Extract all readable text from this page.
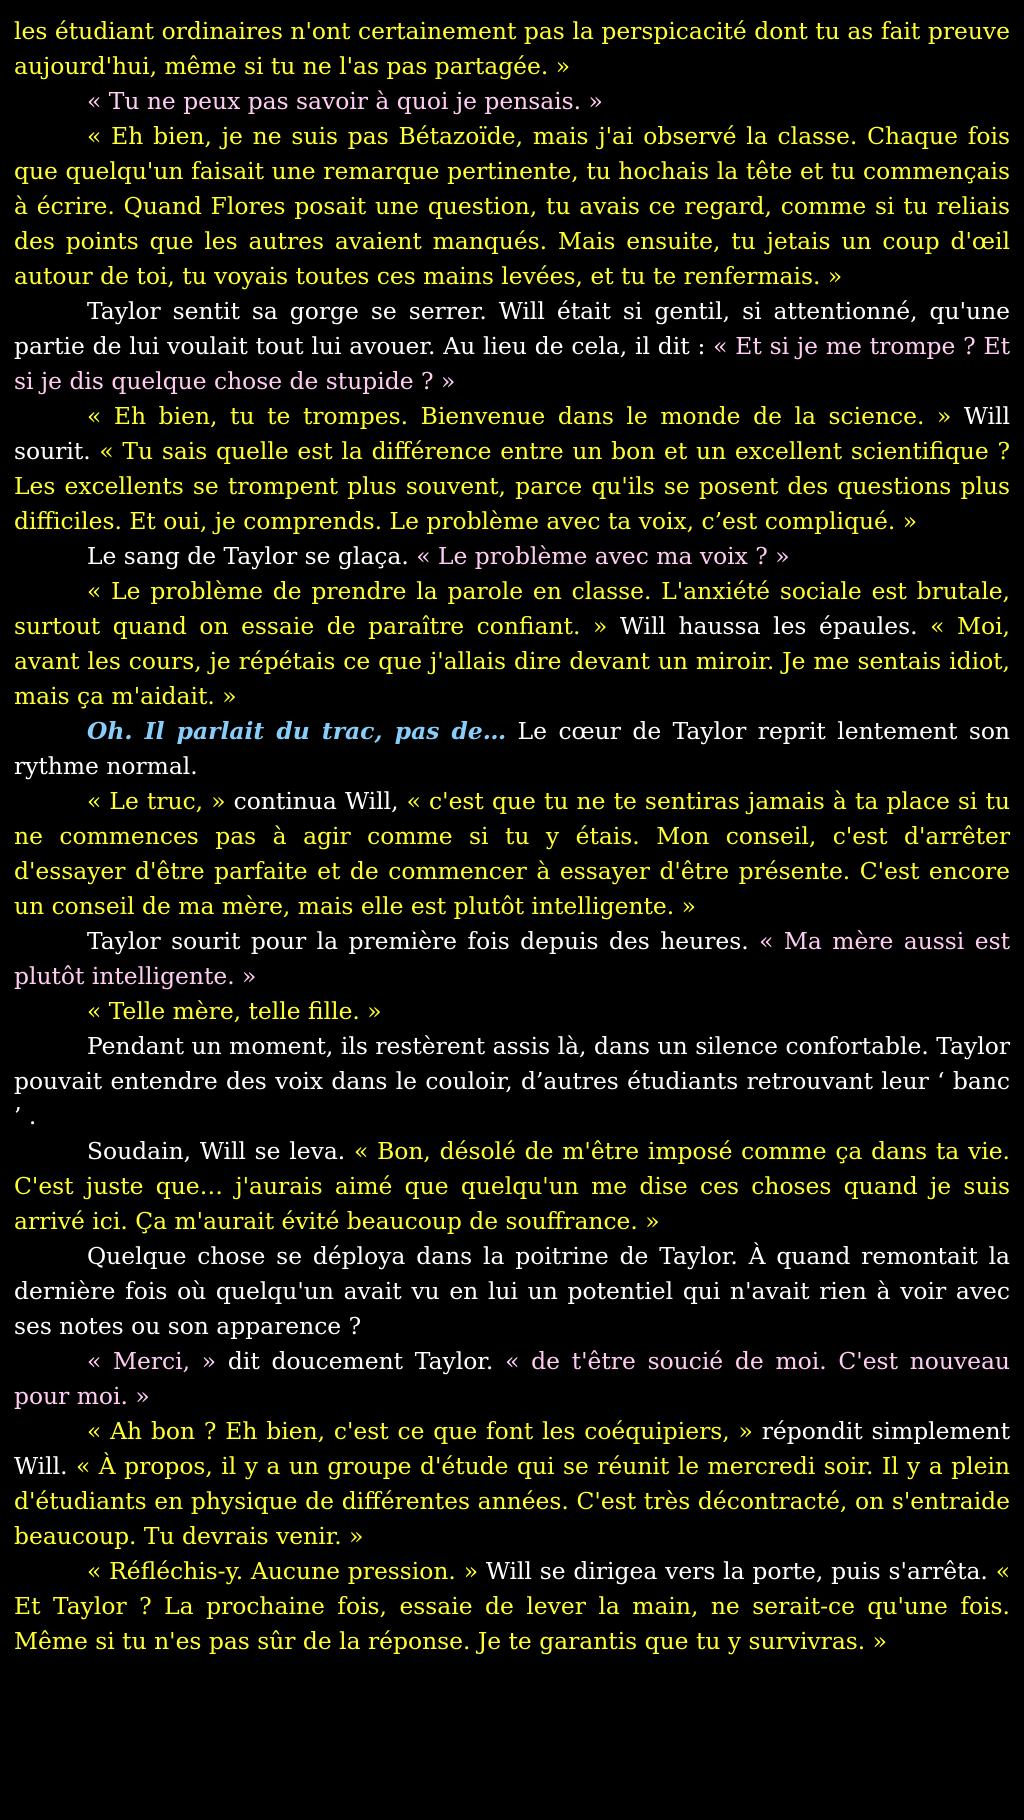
les étudiant ordinaires n'ont certainement pas la perspicacité dont tu as fait preuve aujourd'hui, même si tu ne l'as pas partagée. »

« Tu ne peux pas savoir à quoi je pensais. »

« Eh bien, je ne suis pas Bétazoïde, mais j'ai observé la classe. Chaque fois que quelqu'un faisait une remarque pertinente, tu hochais la tête et tu commençais à écrire. Quand Flores posait une question, tu avais ce regard, comme si tu reliais des points que les autres avaient manqués. Mais ensuite, tu jetais un coup d'œil autour de toi, tu voyais toutes ces mains levées, et tu te renfermais. »

Taylor sentit sa gorge se serrer. Will était si gentil, si attentionné, qu'une partie de lui voulait tout lui avouer. Au lieu de cela, il dit : « Et si je me trompe ? Et si je dis quelque chose de stupide ? »

« Eh bien, tu te trompes. Bienvenue dans le monde de la science. » Will sourit. « Tu sais quelle est la différence entre un bon et un excellent scientifique ? Les excellents se trompent plus souvent, parce qu'ils se posent des questions plus difficiles. Et oui, je comprends. Le problème avec ta voix, c’est compliqué. »

Le sang de Taylor se glaça. « Le problème avec ma voix ? »

« Le problème de prendre la parole en classe. L'anxiété sociale est brutale, surtout quand on essaie de paraître confiant. » Will haussa les épaules. « Moi, avant les cours, je répétais ce que j'allais dire devant un miroir. Je me sentais idiot, mais ça m'aidait. »

Oh. Il parlait du trac, pas de… Le cœur de Taylor reprit lentement son rythme normal.

« Le truc, » continua Will, « c'est que tu ne te sentiras jamais à ta place si tu ne commences pas à agir comme si tu y étais. Mon conseil, c'est d'arrêter d'essayer d'être parfaite et de commencer à essayer d'être présente. C'est encore un conseil de ma mère, mais elle est plutôt intelligente. »

Taylor sourit pour la première fois depuis des heures. « Ma mère aussi est plutôt intelligente. »

« Telle mère, telle fille. »

Pendant un moment, ils restèrent assis là, dans un silence confortable. Taylor pouvait entendre des voix dans le couloir, d’autres étudiants retrouvant leur ‘ banc ’ .

Soudain, Will se leva. « Bon, désolé de m'être imposé comme ça dans ta vie. C'est juste que… j'aurais aimé que quelqu'un me dise ces choses quand je suis arrivé ici. Ça m'aurait évité beaucoup de souffrance. »

Quelque chose se déploya dans la poitrine de Taylor. À quand remontait la dernière fois où quelqu'un avait vu en lui un potentiel qui n'avait rien à voir avec ses notes ou son apparence ?

« Merci, » dit doucement Taylor. « de t'être soucié de moi. C'est nouveau pour moi. »

« Ah bon ? Eh bien, c'est ce que font les coéquipiers, » répondit simplement Will. « À propos, il y a un groupe d'étude qui se réunit le mercredi soir. Il y a plein d'étudiants en physique de différentes années. C'est très décontracté, on s'entraide beaucoup. Tu devrais venir. »

« Réfléchis-y. Aucune pression. » Will se dirigea vers la porte, puis s'arrêta. « Et Taylor ? La prochaine fois, essaie de lever la main, ne serait-ce qu'une fois. Même si tu n'es pas sûr de la réponse. Je te garantis que tu y survivras. »
